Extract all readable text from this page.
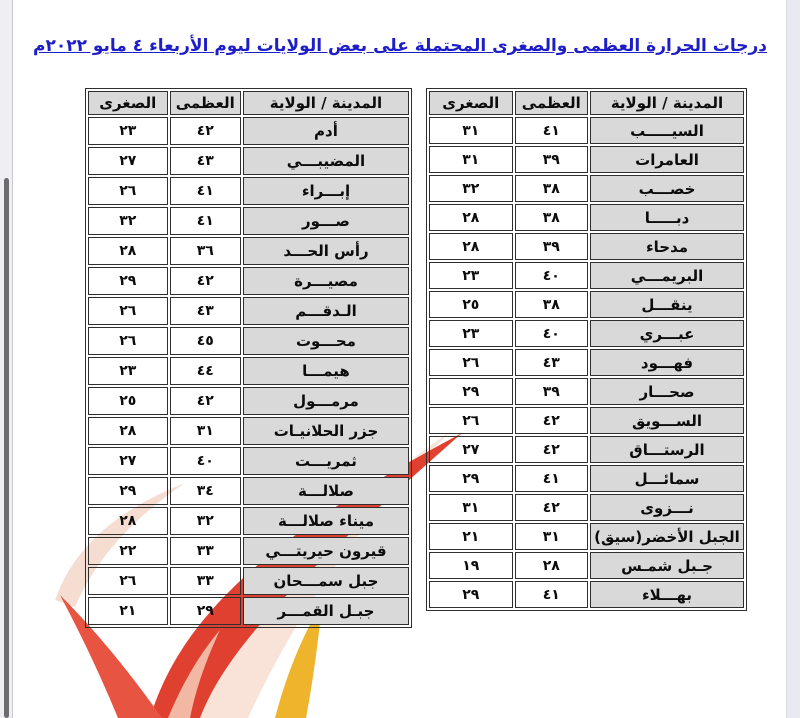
درجات الحرارة العظمى والصغرى المحتملة على بعض الولايات ليوم الأربعاء ٤ مايو ٢٠٢٢م
المدينة / الولاية	العظمى	الصغرى
السيـــــب	٤١	٣١
العامرات	٣٩	٣١
خصـــب	٣٨	٣٢
دبـــــا	٣٨	٢٨
مدحاء	٣٩	٢٨
البريمـــي	٤٠	٢٣
ينقـــل	٣٨	٢٥
عبـــري	٤٠	٢٣
فهـــود	٤٣	٢٦
صحـــار	٣٩	٢٩
الســـويق	٤٢	٢٦
الرستـــاق	٤٢	٢٧
سمائـــل	٤١	٢٩
نـــزوى	٤٢	٣١
الجبل الأخضر(سيق)	٣١	٢١
جـبل شمـس	٢٨	١٩
بهـــلاء	٤١	٢٩
المدينة / الولاية	العظمى	الصغرى
أدم	٤٢	٢٣
المضيبـــي	٤٣	٢٧
إبـــراء	٤١	٢٦
صـــور	٤١	٣٢
رأس الحـــد	٣٦	٢٨
مصيـــرة	٤٢	٢٩
الـدقـــم	٤٣	٢٦
محـــوت	٤٥	٢٦
هيمـــا	٤٤	٢٣
مرمـــول	٤٢	٢٥
جزر الحلانيـات	٣١	٢٨
ثمريـــت	٤٠	٢٧
صلالـــة	٣٤	٢٩
ميناء صلالـــة	٣٢	٢٨
قيرون حيريتـــي	٣٣	٢٢
جبل سمـــحان	٣٣	٢٦
جبـل القمـــر	٢٩	٢١
